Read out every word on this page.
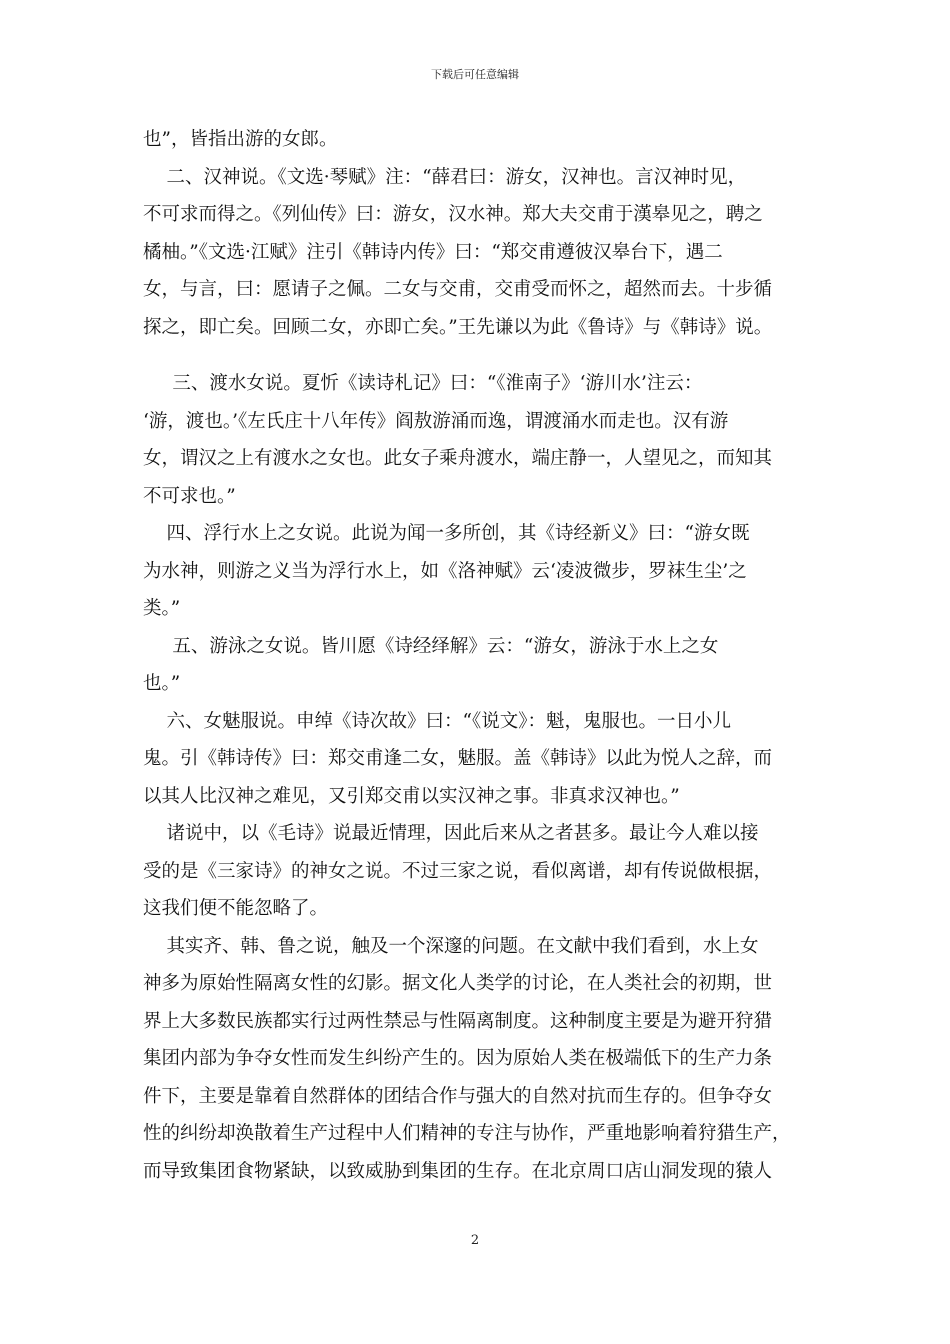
下载后可任意编辑
也”，皆指出游的女郎。
二、汉神说。《文选·琴赋》注：“薛君曰：游女，汉神也。言汉神时见，
不可求而得之。《列仙传》曰：游女，汉水神。郑大夫交甫于漢皋见之，聘之
橘柚。”《文选·江赋》注引《韩诗内传》曰：“郑交甫遵彼汉皋台下，遇二
女，与言，曰：愿请子之佩。二女与交甫，交甫受而怀之，超然而去。十步循
探之，即亡矣。回顾二女，亦即亡矣。”王先谦以为此《鲁诗》与《韩诗》说。
三、渡水女说。夏忻《读诗札记》曰：“《淮南子》‘游川水’注云：
‘游，渡也。’《左氏庄十八年传》阎敖游涌而逸，谓渡涌水而走也。汉有游
女，谓汉之上有渡水之女也。此女子乘舟渡水，端庄静一，人望见之，而知其
不可求也。”
四、浮行水上之女说。此说为闻一多所创，其《诗经新义》曰：“游女既
为水神，则游之义当为浮行水上，如《洛神赋》云‘凌波微步，罗袜生尘’之
类。”
五、游泳之女说。皆川愿《诗经绎解》云：“游女，游泳于水上之女
也。”
六、女魅服说。申绰《诗次故》曰：“《说文》：魁，鬼服也。一日小儿
鬼。引《韩诗传》曰：郑交甫逢二女，魅服。盖《韩诗》以此为悦人之辞，而
以其人比汉神之难见，又引郑交甫以实汉神之事。非真求汉神也。”
诸说中，以《毛诗》说最近情理，因此后来从之者甚多。最让今人难以接
受的是《三家诗》的神女之说。不过三家之说，看似离谱，却有传说做根据，
这我们便不能忽略了。
其实齐、韩、鲁之说，触及一个深邃的问题。在文献中我们看到，水上女
神多为原始性隔离女性的幻影。据文化人类学的讨论，在人类社会的初期，世
界上大多数民族都实行过两性禁忌与性隔离制度。这种制度主要是为避开狩猎
集团内部为争夺女性而发生纠纷产生的。因为原始人类在极端低下的生产力条
件下，主要是靠着自然群体的团结合作与强大的自然对抗而生存的。但争夺女
性的纠纷却涣散着生产过程中人们精神的专注与协作，严重地影响着狩猎生产，
而导致集团食物紧缺，以致威胁到集团的生存。在北京周口店山洞发现的猿人
2
